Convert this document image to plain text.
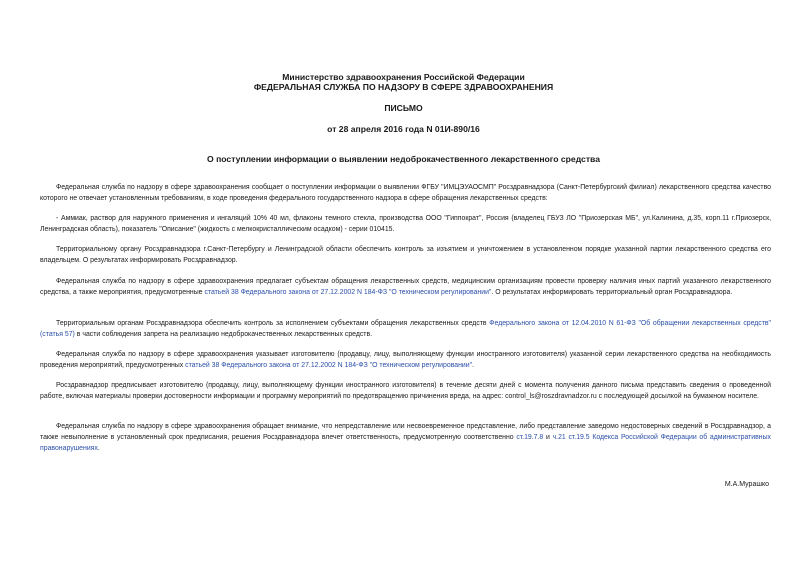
Министерство здравоохранения Российской Федерации
ФЕДЕРАЛЬНАЯ СЛУЖБА ПО НАДЗОРУ В СФЕРЕ ЗДРАВООХРАНЕНИЯ
ПИСЬМО
от 28 апреля 2016 года N 01И-890/16
О поступлении информации о выявлении недоброкачественного лекарственного средства

Федеральная служба по надзору в сфере здравоохранения сообщает о поступлении информации о выявлении ФГБУ "ИМЦЭУАОСМП" Росздравнадзора (Санкт-Петербургский филиал) лекарственного средства качество которого не отвечает установленным требованиям, в ходе проведения федерального государственного надзора в сфере обращения лекарственных средств:

- Аммиак, раствор для наружного применения и ингаляций 10% 40 мл, флаконы темного стекла, производства ООО "Гиппократ", Россия (владелец ГБУЗ ЛО "Приозерская МБ", ул.Калинина, д.35, корп.11 г.Приозерск, Ленинградская область), показатель "Описание" (жидкость с мелкокристаллическим осадком) - серии 010415.

Территориальному органу Росздравнадзора г.Санкт-Петербургу и Ленинградской области обеспечить контроль за изъятием и уничтожением в установленном порядке указанной партии лекарственного средства его владельцем. О результатах информировать Росздравнадзор.

Федеральная служба по надзору в сфере здравоохранения предлагает субъектам обращения лекарственных средств, медицинским организациям провести проверку наличия иных партий указанного лекарственного средства, а также мероприятия, предусмотренные статьей 38 Федерального закона от 27.12.2002 N 184-ФЗ "О техническом регулировании". О результатах информировать территориальный орган Росздравнадзора.

Территориальным органам Росздравнадзора обеспечить контроль за исполнением субъектами обращения лекарственных средств Федерального закона от 12.04.2010 N 61-ФЗ "Об обращении лекарственных средств" (статья 57) в части соблюдения запрета на реализацию недоброкачественных лекарственных средств.

Федеральная служба по надзору в сфере здравоохранения указывает изготовителю (продавцу, лицу, выполняющему функции иностранного изготовителя) указанной серии лекарственного средства на необходимость проведения мероприятий, предусмотренных статьей 38 Федерального закона от 27.12.2002 N 184-ФЗ "О техническом регулировании".

Росздравнадзор предписывает изготовителю (продавцу, лицу, выполняющему функции иностранного изготовителя) в течение десяти дней с момента получения данного письма представить сведения о проведенной работе, включая материалы проверки достоверности информации и программу мероприятий по предотвращению причинения вреда, на адрес: control_ls@roszdravnadzor.ru с последующей досылкой на бумажном носителе.

Федеральная служба по надзору в сфере здравоохранения обращает внимание, что непредставление или несвоевременное представление, либо представление заведомо недостоверных сведений в Росздравнадзор, а также невыполнение в установленный срок предписания, решения Росздравнадзора влечет ответственность, предусмотренную соответственно ст.19.7.8 и ч.21 ст.19.5 Кодекса Российской Федерации об административных правонарушениях.

М.А.Мурашко
